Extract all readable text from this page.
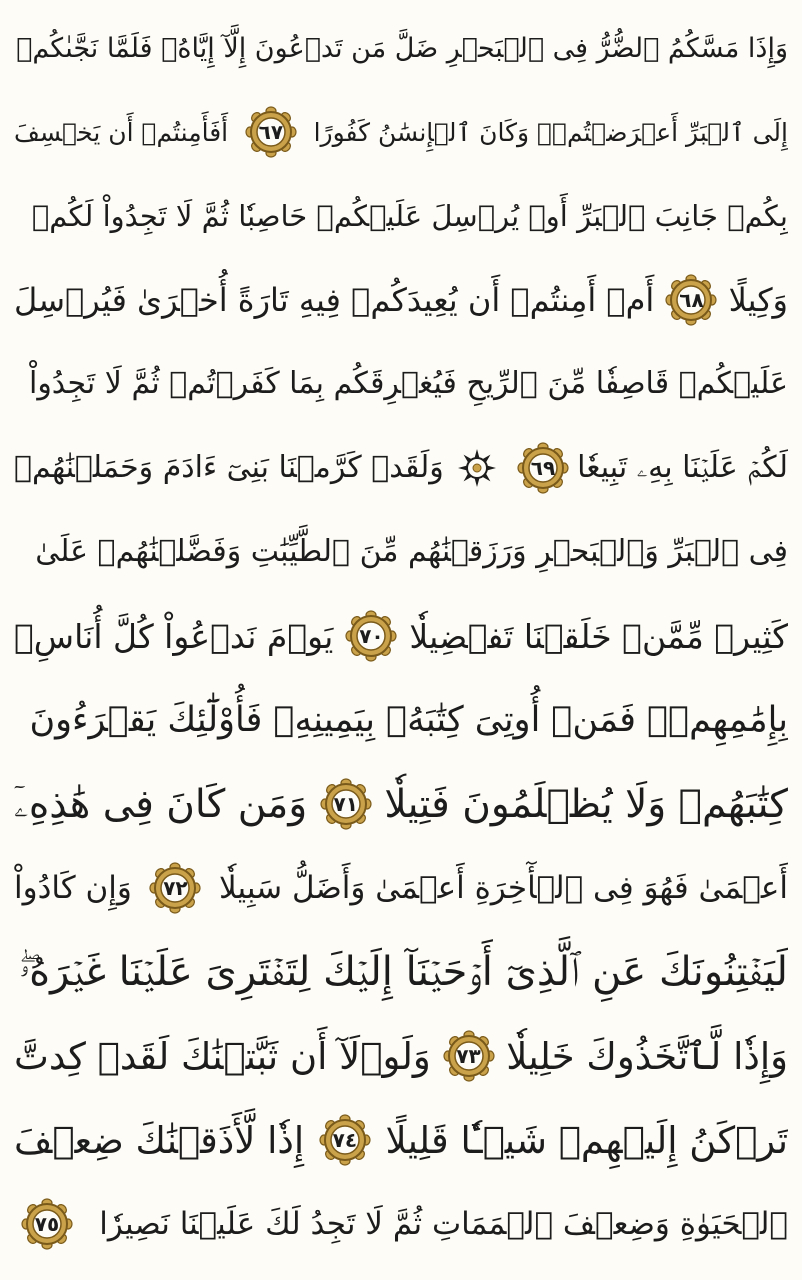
وَإِذَا مَسَّكُمُ ٱلضُّرُّ فِى ٱلۡبَحۡرِ ضَلَّ مَن تَدۡعُونَ إِلَّآ إِيَّاهُۖ فَلَمَّا نَجَّىٰكُمۡ
إِلَى ٱلۡبَرِّ أَعۡرَضۡتُمۡۚ وَكَانَ ٱلۡإِنسَٰنُ كَفُورًا
٦٧
أَفَأَمِنتُمۡ أَن يَخۡسِفَ
بِكُمۡ جَانِبَ ٱلۡبَرِّ أَوۡ يُرۡسِلَ عَلَيۡكُمۡ حَاصِبٗا ثُمَّ لَا تَجِدُواْ لَكُمۡ
وَكِيلًا
٦٨
أَمۡ أَمِنتُمۡ أَن يُعِيدَكُمۡ فِيهِ تَارَةً أُخۡرَىٰ فَيُرۡسِلَ
عَلَيۡكُمۡ قَاصِفٗا مِّنَ ٱلرِّيحِ فَيُغۡرِقَكُم بِمَا كَفَرۡتُمۡ ثُمَّ لَا تَجِدُواْ
لَكُمۡ عَلَيۡنَا بِهِۦ تَبِيعٗا
٦٩
وَلَقَدۡ كَرَّمۡنَا بَنِىٓ ءَادَمَ وَحَمَلۡنَٰهُمۡ
فِى ٱلۡبَرِّ وَٱلۡبَحۡرِ وَرَزَقۡنَٰهُم مِّنَ ٱلطَّيِّبَٰتِ وَفَضَّلۡنَٰهُمۡ عَلَىٰ
كَثِيرٖ مِّمَّنۡ خَلَقۡنَا تَفۡضِيلٗا
٧٠
يَوۡمَ نَدۡعُواْ كُلَّ أُنَاسِۭ
بِإِمَٰمِهِمۡۖ فَمَنۡ أُوتِىَ كِتَٰبَهُۥ بِيَمِينِهِۦ فَأُوْلَٰٓئِكَ يَقۡرَءُونَ
كِتَٰبَهُمۡ وَلَا يُظۡلَمُونَ فَتِيلٗا
٧١
وَمَن كَانَ فِى هَٰذِهِۦٓ
أَعۡمَىٰ فَهُوَ فِى ٱلۡأٓخِرَةِ أَعۡمَىٰ وَأَضَلُّ سَبِيلٗا
٧٢
وَإِن كَادُواْ
لَيَفۡتِنُونَكَ عَنِ ٱلَّذِىٓ أَوۡحَيۡنَآ إِلَيۡكَ لِتَفۡتَرِىَ عَلَيۡنَا غَيۡرَهُۥۖ
وَإِذٗا لَّٱتَّخَذُوكَ خَلِيلٗا
٧٣
وَلَوۡلَآ أَن ثَبَّتۡنَٰكَ لَقَدۡ كِدتَّ
تَرۡكَنُ إِلَيۡهِمۡ شَيۡـٔٗا قَلِيلًا
٧٤
إِذٗا لَّأَذَقۡنَٰكَ ضِعۡفَ
ٱلۡحَيَوٰةِ وَضِعۡفَ ٱلۡمَمَاتِ ثُمَّ لَا تَجِدُ لَكَ عَلَيۡنَا نَصِيرٗا
٧٥
